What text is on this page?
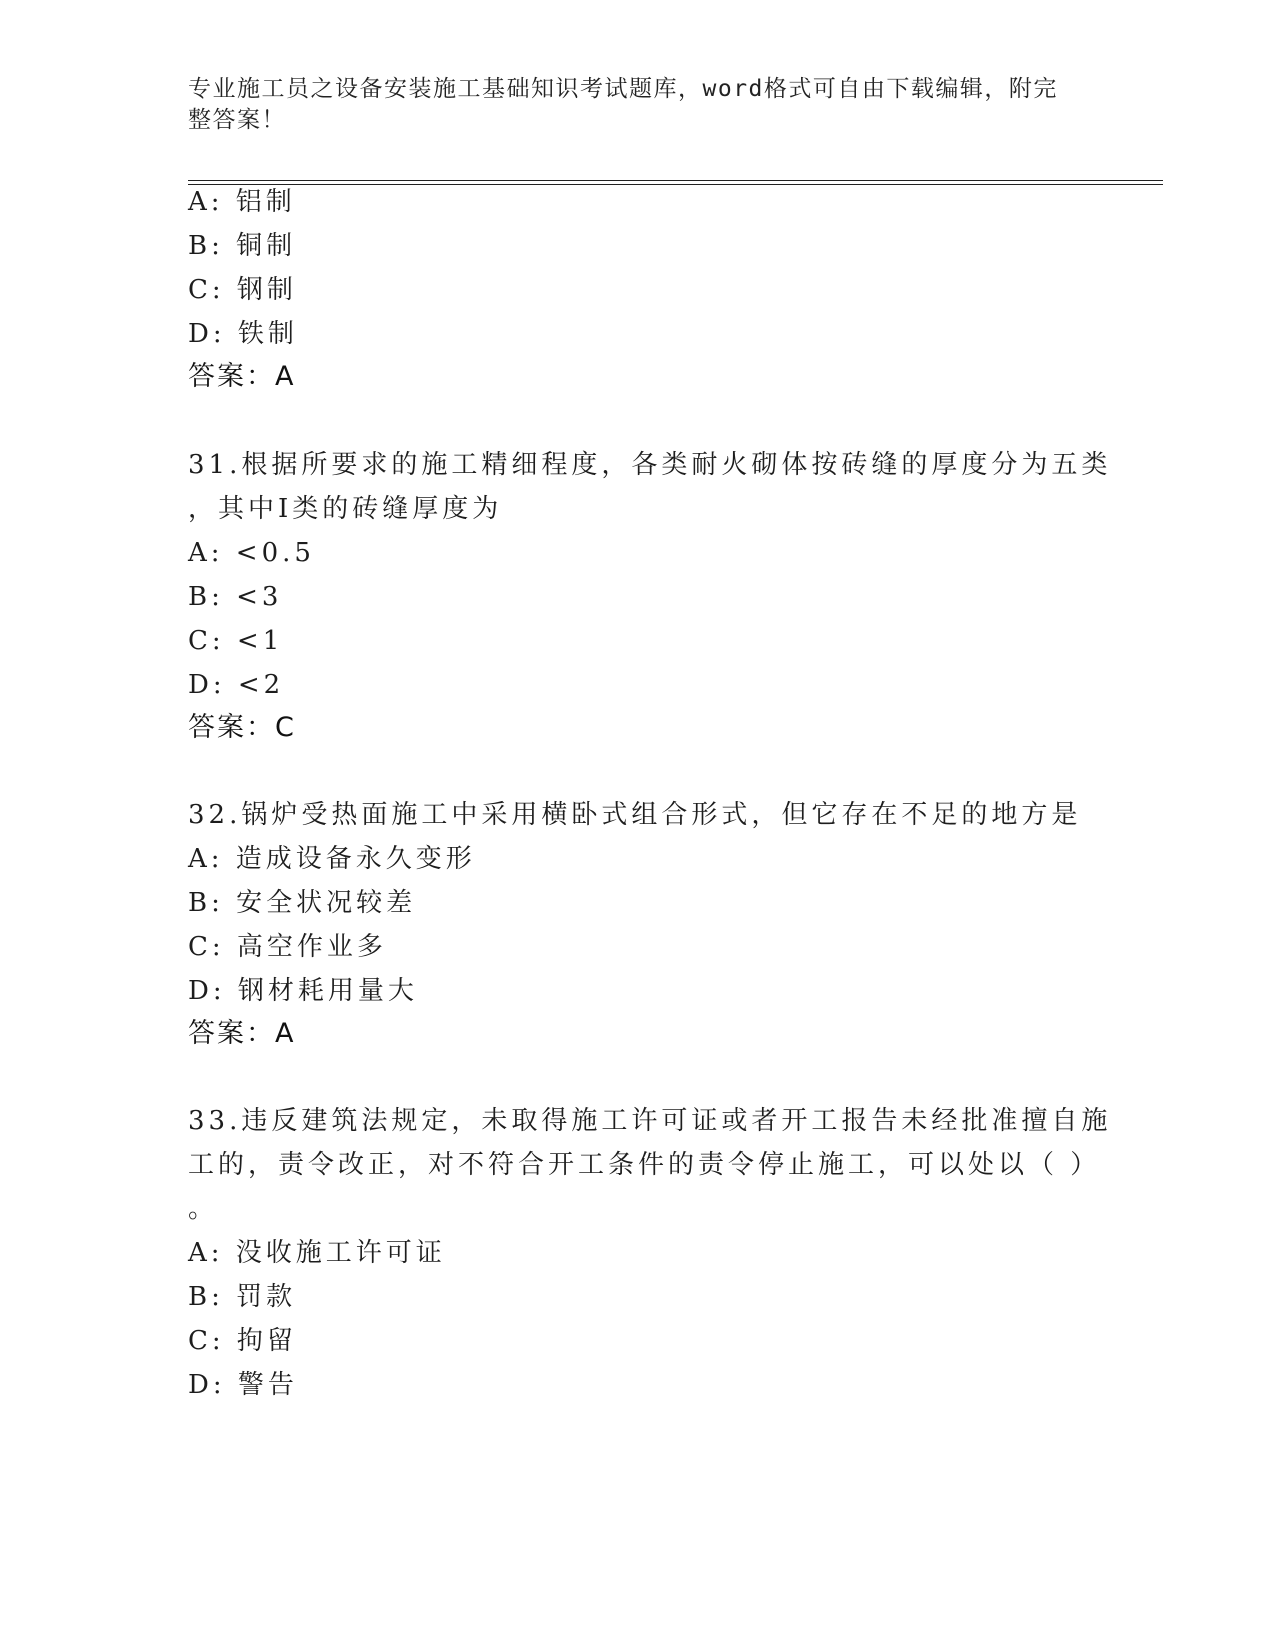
专业施工员之设备安装施工基础知识考试题库，word格式可自由下载编辑，附完
整答案！
A: 铝制
B: 铜制
C: 钢制
D: 铁制
答案：A
31.根据所要求的施工精细程度，各类耐火砌体按砖缝的厚度分为五类
，其中Ⅰ类的砖缝厚度为
A: <0.5
B: <3
C: <1
D: <2
答案：C
32.锅炉受热面施工中采用横卧式组合形式，但它存在不足的地方是
A: 造成设备永久变形
B: 安全状况较差
C: 高空作业多
D: 钢材耗用量大
答案：A
33.违反建筑法规定，未取得施工许可证或者开工报告未经批准擅自施
工的，责令改正，对不符合开工条件的责令停止施工，可以处以（ ）
。
A: 没收施工许可证
B: 罚款
C: 拘留
D: 警告
